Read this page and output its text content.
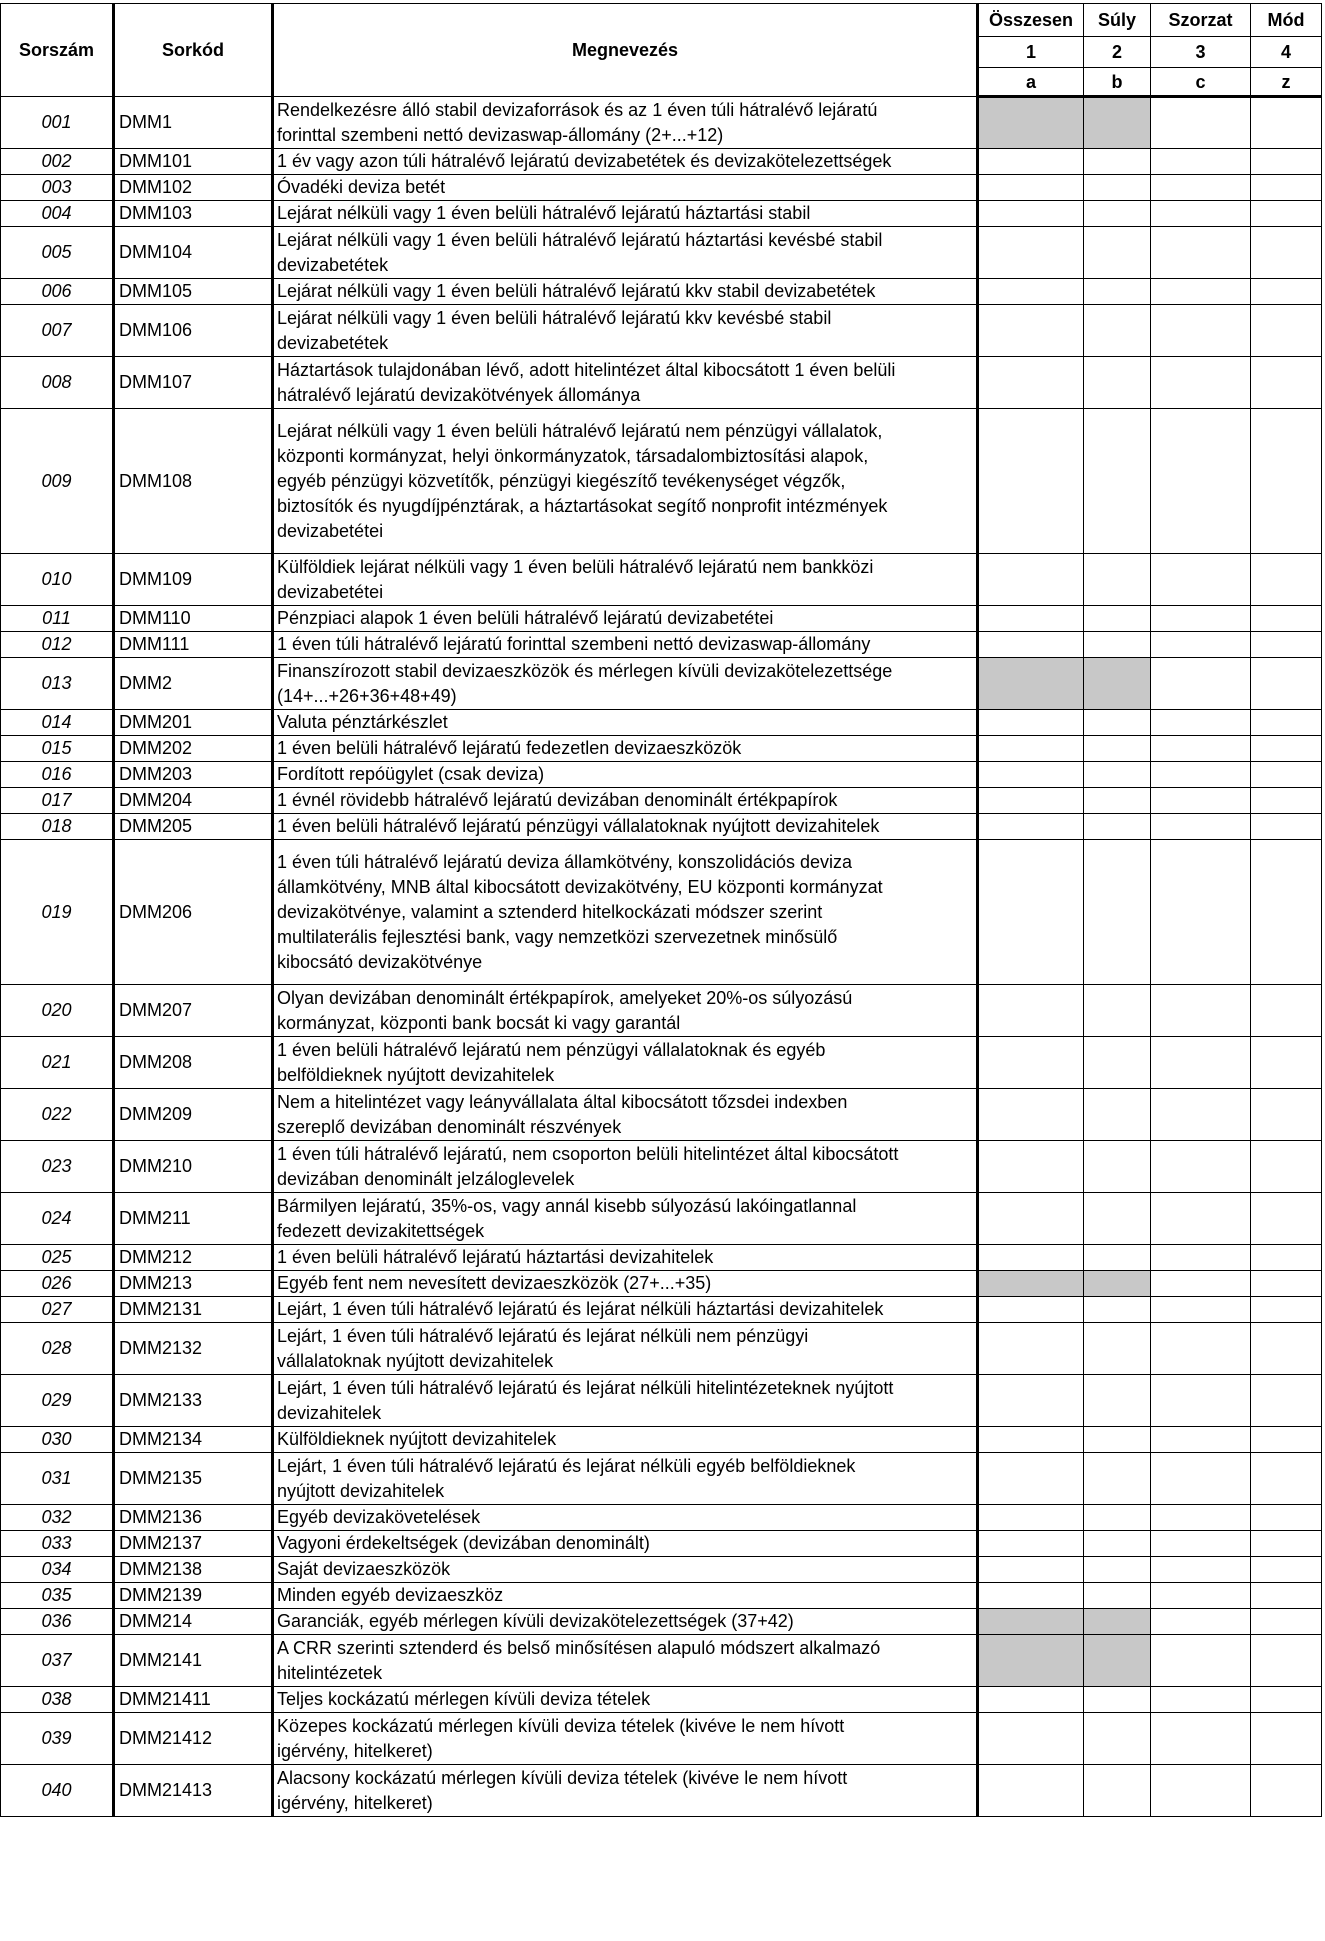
Sorszám	Sorkód	Megnevezés	Összesen	Súly	Szorzat	Mód
			1	2	3	4
			a	b	c	z
001	DMM1	Rendelkezésre álló stabil devizaforrások és az 1 éven túli hátralévő lejáratú
forinttal szembeni nettó devizaswap-állomány (2+...+12)				

002	DMM101	1 év vagy azon túli hátralévő lejáratú devizabetétek és devizakötelezettségek				

003	DMM102	Óvadéki deviza betét				

004	DMM103	Lejárat nélküli vagy 1 éven belüli hátralévő lejáratú háztartási stabil				

005	DMM104	Lejárat nélküli vagy 1 éven belüli hátralévő lejáratú háztartási kevésbé stabil
devizabetétek				

006	DMM105	Lejárat nélküli vagy 1 éven belüli hátralévő lejáratú kkv stabil devizabetétek				

007	DMM106	Lejárat nélküli vagy 1 éven belüli hátralévő lejáratú kkv kevésbé stabil
devizabetétek				

008	DMM107	Háztartások tulajdonában lévő, adott hitelintézet által kibocsátott 1 éven belüli
hátralévő lejáratú devizakötvények állománya				

009	DMM108	Lejárat nélküli vagy 1 éven belüli hátralévő lejáratú nem pénzügyi vállalatok,
központi kormányzat, helyi önkormányzatok, társadalombiztosítási alapok,
egyéb pénzügyi közvetítők, pénzügyi kiegészítő tevékenységet végzők,
biztosítók és nyugdíjpénztárak, a háztartásokat segítő nonprofit intézmények
devizabetétei				

010	DMM109	Külföldiek lejárat nélküli vagy 1 éven belüli hátralévő lejáratú nem bankközi
devizabetétei				

011	DMM110	Pénzpiaci alapok 1 éven belüli hátralévő lejáratú devizabetétei				

012	DMM111	1 éven túli hátralévő lejáratú forinttal szembeni nettó devizaswap-állomány				

013	DMM2	Finanszírozott stabil devizaeszközök és mérlegen kívüli devizakötelezettsége
(14+...+26+36+48+49)				

014	DMM201	Valuta pénztárkészlet				

015	DMM202	1 éven belüli hátralévő lejáratú fedezetlen devizaeszközök				

016	DMM203	Fordított repóügylet (csak deviza)				

017	DMM204	1 évnél rövidebb hátralévő lejáratú devizában denominált értékpapírok				

018	DMM205	1 éven belüli hátralévő lejáratú pénzügyi vállalatoknak nyújtott devizahitelek				

019	DMM206	1 éven túli hátralévő lejáratú deviza államkötvény, konszolidációs deviza
államkötvény, MNB által kibocsátott devizakötvény, EU központi kormányzat
devizakötvénye, valamint a sztenderd hitelkockázati módszer szerint
multilaterális fejlesztési bank, vagy nemzetközi szervezetnek minősülő
kibocsátó devizakötvénye				

020	DMM207	Olyan devizában denominált értékpapírok, amelyeket 20%-os súlyozású
kormányzat, központi bank bocsát ki vagy garantál				

021	DMM208	1 éven belüli hátralévő lejáratú nem pénzügyi vállalatoknak és egyéb
belföldieknek nyújtott devizahitelek				

022	DMM209	Nem a hitelintézet vagy leányvállalata által kibocsátott tőzsdei indexben
szereplő devizában denominált részvények				

023	DMM210	1 éven túli hátralévő lejáratú, nem csoporton belüli hitelintézet által kibocsátott
devizában denominált jelzáloglevelek				

024	DMM211	Bármilyen lejáratú, 35%-os, vagy annál kisebb súlyozású lakóingatlannal
fedezett devizakitettségek				

025	DMM212	1 éven belüli hátralévő lejáratú háztartási devizahitelek				

026	DMM213	Egyéb fent nem nevesített devizaeszközök (27+...+35)				

027	DMM2131	Lejárt, 1 éven túli hátralévő lejáratú és lejárat nélküli háztartási devizahitelek				

028	DMM2132	Lejárt, 1 éven túli hátralévő lejáratú és lejárat nélküli nem pénzügyi
vállalatoknak nyújtott devizahitelek				

029	DMM2133	Lejárt, 1 éven túli hátralévő lejáratú és lejárat nélküli hitelintézeteknek nyújtott
devizahitelek				

030	DMM2134	Külföldieknek nyújtott devizahitelek				

031	DMM2135	Lejárt, 1 éven túli hátralévő lejáratú és lejárat nélküli egyéb belföldieknek
nyújtott devizahitelek				

032	DMM2136	Egyéb devizakövetelések				

033	DMM2137	Vagyoni érdekeltségek (devizában denominált)				

034	DMM2138	Saját devizaeszközök				

035	DMM2139	Minden egyéb devizaeszköz				

036	DMM214	Garanciák, egyéb mérlegen kívüli devizakötelezettségek (37+42)				

037	DMM2141	A CRR szerinti sztenderd és belső minősítésen alapuló módszert alkalmazó
hitelintézetek				

038	DMM21411	Teljes kockázatú mérlegen kívüli deviza tételek				

039	DMM21412	Közepes kockázatú mérlegen kívüli deviza tételek (kivéve le nem hívott
igérvény, hitelkeret)				

040	DMM21413	Alacsony kockázatú mérlegen kívüli deviza tételek (kivéve le nem hívott
igérvény, hitelkeret)				
